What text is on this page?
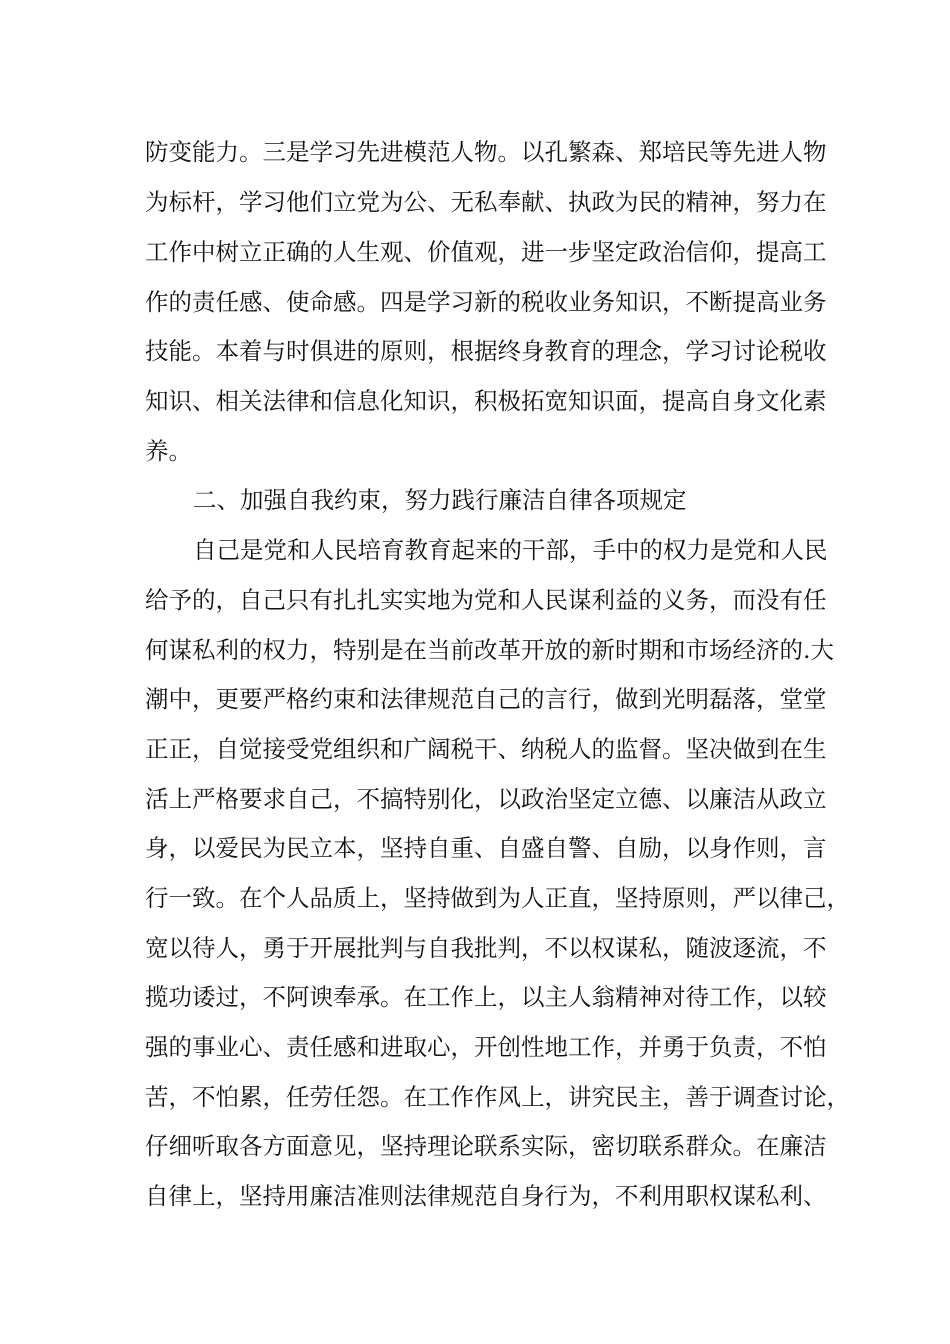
防变能力。三是学习先进模范人物。以孔繁森、郑培民等先进人物
为标杆，学习他们立党为公、无私奉献、执政为民的精神，努力在
工作中树立正确的人生观、价值观，进一步坚定政治信仰，提高工
作的责任感、使命感。四是学习新的税收业务知识，不断提高业务
技能。本着与时俱进的原则，根据终身教育的理念，学习讨论税收
知识、相关法律和信息化知识，积极拓宽知识面，提高自身文化素
养。
二、加强自我约束，努力践行廉洁自律各项规定
自己是党和人民培育教育起来的干部，手中的权力是党和人民
给予的，自己只有扎扎实实地为党和人民谋利益的义务，而没有任
何谋私利的权力，特别是在当前改革开放的新时期和市场经济的.大
潮中，更要严格约束和法律规范自己的言行，做到光明磊落，堂堂
正正，自觉接受党组织和广阔税干、纳税人的监督。坚决做到在生
活上严格要求自己，不搞特别化，以政治坚定立德、以廉洁从政立
身，以爱民为民立本，坚持自重、自盛自警、自励，以身作则，言
行一致。在个人品质上，坚持做到为人正直，坚持原则，严以律己，
宽以待人，勇于开展批判与自我批判，不以权谋私，随波逐流，不
揽功诿过，不阿谀奉承。在工作上，以主人翁精神对待工作，以较
强的事业心、责任感和进取心，开创性地工作，并勇于负责，不怕
苦，不怕累，任劳任怨。在工作作风上，讲究民主，善于调查讨论，
仔细听取各方面意见，坚持理论联系实际，密切联系群众。在廉洁
自律上，坚持用廉洁准则法律规范自身行为，不利用职权谋私利、
